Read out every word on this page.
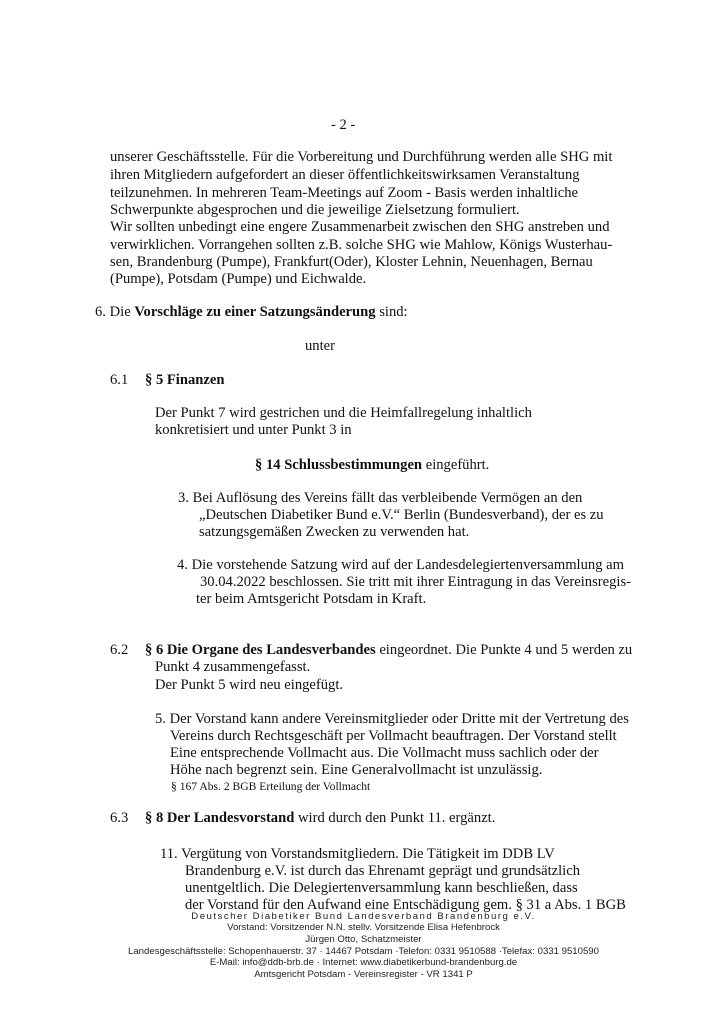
- 2 -
unserer Geschäftsstelle. Für die Vorbereitung und Durchführung werden alle SHG mit
ihren Mitgliedern aufgefordert an dieser öffentlichkeitswirksamen Veranstaltung
teilzunehmen. In mehreren Team-Meetings auf Zoom - Basis werden inhaltliche
Schwerpunkte abgesprochen und die jeweilige Zielsetzung formuliert.
Wir sollten unbedingt eine engere Zusammenarbeit zwischen den SHG anstreben und
verwirklichen. Vorrangehen sollten z.B. solche SHG wie Mahlow, Königs Wusterhau-
sen, Brandenburg (Pumpe), Frankfurt(Oder), Kloster Lehnin, Neuenhagen, Bernau
(Pumpe), Potsdam (Pumpe) und Eichwalde.
6. Die Vorschläge zu einer Satzungsänderung sind:
unter
6.1 § 5 Finanzen
Der Punkt 7 wird gestrichen und die Heimfallregelung inhaltlich
konkretisiert und unter Punkt 3 in
§ 14 Schlussbestimmungen eingeführt.
3. Bei Auflösung des Vereins fällt das verbleibende Vermögen an den
„Deutschen Diabetiker Bund e.V.“ Berlin (Bundesverband), der es zu
satzungsgemäßen Zwecken zu verwenden hat.
4. Die vorstehende Satzung wird auf der Landesdelegiertenversammlung am
30.04.2022 beschlossen. Sie tritt mit ihrer Eintragung in das Vereinsregis-
ter beim Amtsgericht Potsdam in Kraft.
6.2 § 6 Die Organe des Landesverbandes eingeordnet. Die Punkte 4 und 5 werden zu
Punkt 4 zusammengefasst.
Der Punkt 5 wird neu eingefügt.
5. Der Vorstand kann andere Vereinsmitglieder oder Dritte mit der Vertretung des
Vereins durch Rechtsgeschäft per Vollmacht beauftragen. Der Vorstand stellt
Eine entsprechende Vollmacht aus. Die Vollmacht muss sachlich oder der
Höhe nach begrenzt sein. Eine Generalvollmacht ist unzulässig.
§ 167 Abs. 2 BGB Erteilung der Vollmacht
6.3 § 8 Der Landesvorstand wird durch den Punkt 11. ergänzt.
11. Vergütung von Vorstandsmitgliedern. Die Tätigkeit im DDB LV
Brandenburg e.V. ist durch das Ehrenamt geprägt und grundsätzlich
unentgeltlich. Die Delegiertenversammlung kann beschließen, dass
der Vorstand für den Aufwand eine Entschädigung gem. § 31 a Abs. 1 BGB
Deutscher Diabetiker Bund Landesverband Brandenburg e.V.
Vorstand: Vorsitzender N.N. stellv. Vorsitzende Elisa Hefenbrock
Jürgen Otto, Schatzmeister
Landesgeschäftsstelle: Schopenhauerstr. 37 · 14467 Potsdam ·Telefon: 0331 9510588 ·Telefax: 0331 9510590
E-Mail: info@ddb-brb.de · Internet: www.diabetikerbund-brandenburg.de
Amtsgericht Potsdam - Vereinsregister - VR 1341 P
